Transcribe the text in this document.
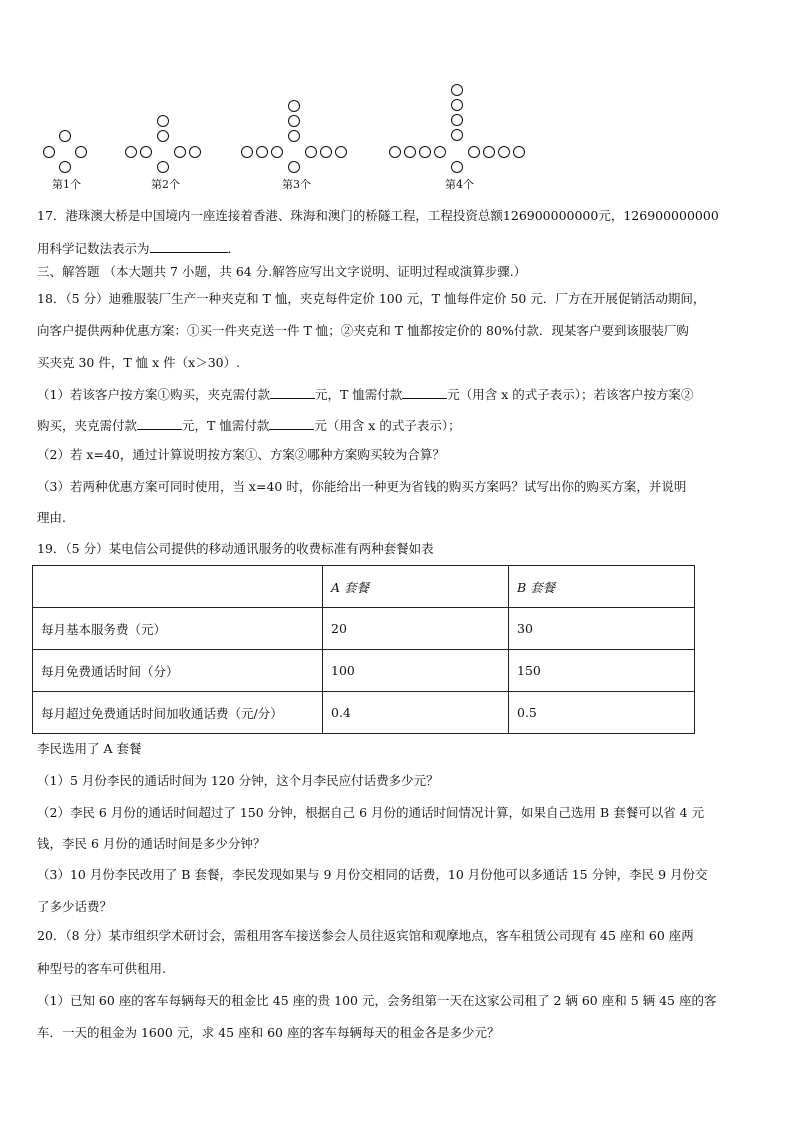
第1个	第2个	第3个	第4个
17．港珠澳大桥是中国境内一座连接着香港、珠海和澳门的桥隧工程，工程投资总额126900000000元，126900000000
用科学记数法表示为	．
三、解答题 （本大题共 7 小题，共 64 分.解答应写出文字说明、证明过程或演算步骤.）
18．（5 分）迪雅服装厂生产一种夹克和 T 恤，夹克每件定价 100 元，T 恤每件定价 50 元．厂方在开展促销活动期间，
向客户提供两种优惠方案：①买一件夹克送一件 T 恤；②夹克和 T 恤都按定价的 80%付款．现某客户要到该服装厂购
买夹克 30 件，T 恤 x 件（x＞30）.
（1）若该客户按方案①购买，夹克需付款	元，T 恤需付款	元（用含 x 的式子表示）；若该客户按方案②
购买，夹克需付款	元，T 恤需付款	元（用含 x 的式子表示）；
（2）若 x=40，通过计算说明按方案①、方案②哪种方案购买较为合算？
（3）若两种优惠方案可同时使用，当 x=40 时，你能给出一种更为省钱的购买方案吗？试写出你的购买方案，并说明
理由.
19．（5 分）某电信公司提供的移动通讯服务的收费标准有两种套餐如表
	A 套餐	B 套餐
每月基本服务费（元）	20	30
每月免费通话时间（分）	100	150
每月超过免费通话时间加收通话费（元/分）	0.4	0.5
李民选用了 A 套餐
（1）5 月份李民的通话时间为 120 分钟，这个月李民应付话费多少元？
（2）李民 6 月份的通话时间超过了 150 分钟，根据自己 6 月份的通话时间情况计算，如果自己选用 B 套餐可以省 4 元
钱，李民 6 月份的通话时间是多少分钟？
（3）10 月份李民改用了 B 套餐，李民发现如果与 9 月份交相同的话费，10 月份他可以多通话 15 分钟，李民 9 月份交
了多少话费？
20．（8 分）某市组织学术研讨会，需租用客车接送参会人员往返宾馆和观摩地点，客车租赁公司现有 45 座和 60 座两
种型号的客车可供租用.
（1）已知 60 座的客车每辆每天的租金比 45 座的贵 100 元，会务组第一天在这家公司租了 2 辆 60 座和 5 辆 45 座的客
车．一天的租金为 1600 元，求 45 座和 60 座的客车每辆每天的租金各是多少元？
